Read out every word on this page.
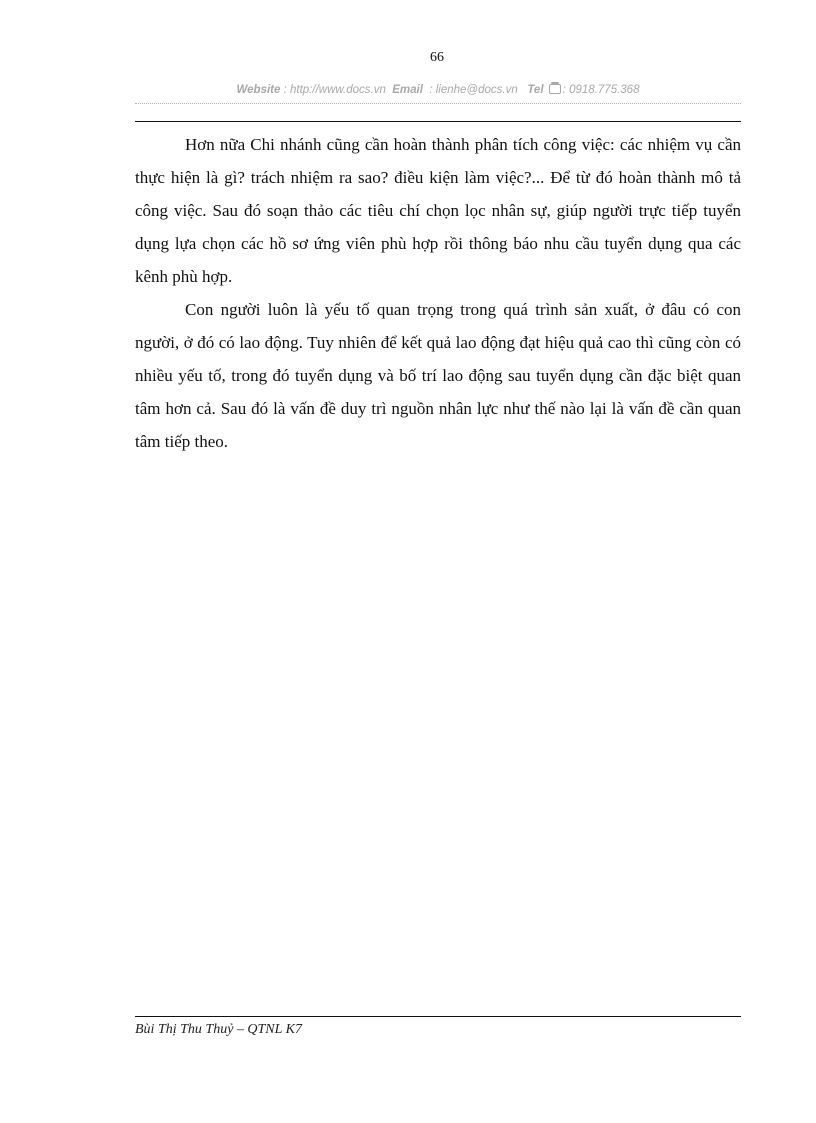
66
Website : http://www.docs.vn Email : lienhe@docs.vn Tel : 0918.775.368

Hơn nữa Chi nhánh cũng cần hoàn thành phân tích công việc: các nhiệm vụ cần thực hiện là gì? trách nhiệm ra sao? điều kiện làm việc?... Để từ đó hoàn thành mô tả công việc. Sau đó soạn thảo các tiêu chí chọn lọc nhân sự, giúp người trực tiếp tuyển dụng lựa chọn các hồ sơ ứng viên phù hợp rồi thông báo nhu cầu tuyển dụng qua các kênh phù hợp.

Con người luôn là yếu tố quan trọng trong quá trình sản xuất, ở đâu có con người, ở đó có lao động. Tuy nhiên để kết quả lao động đạt hiệu quả cao thì cũng còn có nhiều yếu tố, trong đó tuyển dụng và bố trí lao động sau tuyển dụng cần đặc biệt quan tâm hơn cả. Sau đó là vấn đề duy trì nguồn nhân lực như thế nào lại là vấn đề cần quan tâm tiếp theo.

Bùi Thị Thu Thuỷ – QTNL K7
